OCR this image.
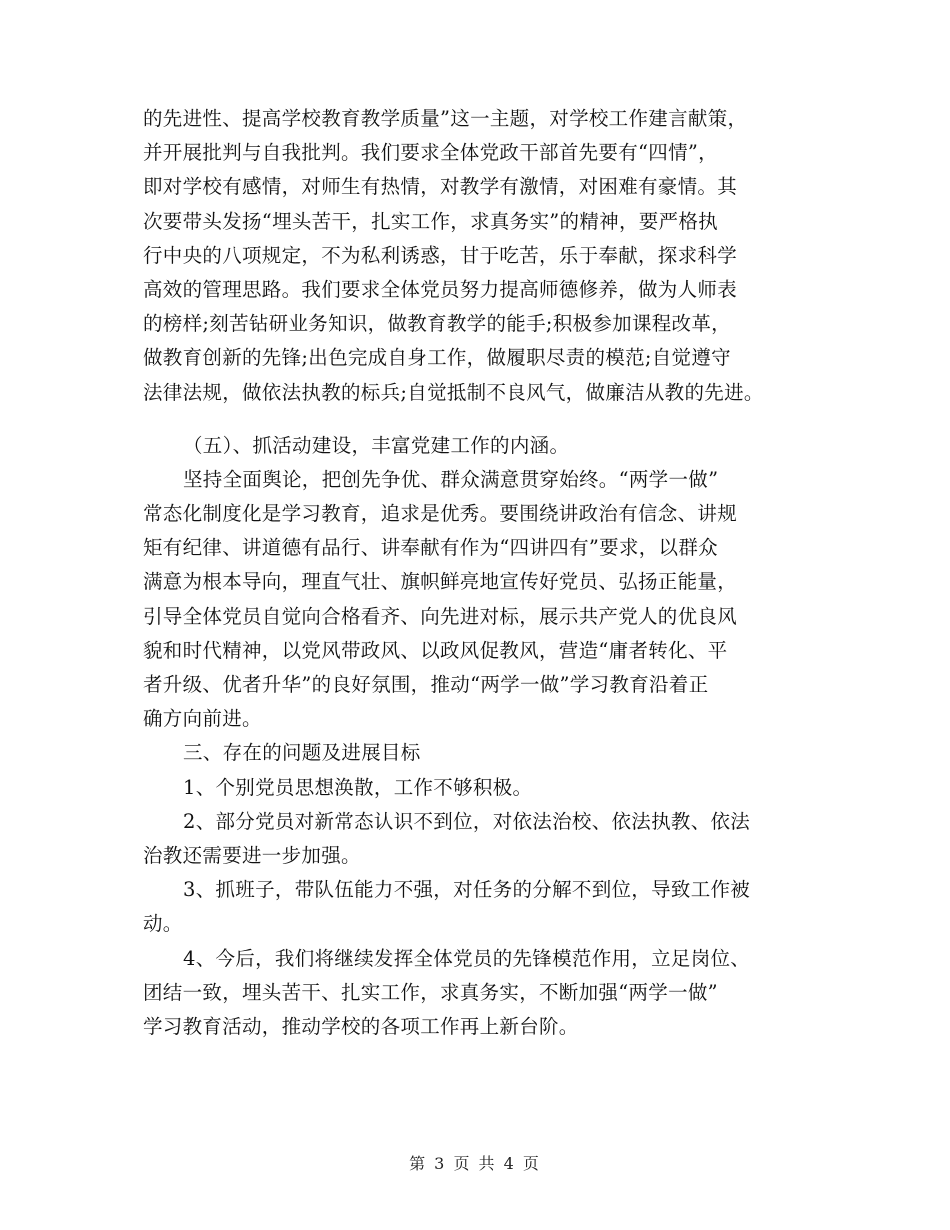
的先进性、提高学校教育教学质量”这一主题，对学校工作建言献策，
并开展批判与自我批判。我们要求全体党政干部首先要有“四情”，
即对学校有感情，对师生有热情，对教学有激情，对困难有豪情。其
次要带头发扬“埋头苦干，扎实工作，求真务实”的精神，要严格执
行中央的八项规定，不为私利诱惑，甘于吃苦，乐于奉献，探求科学
高效的管理思路。我们要求全体党员努力提高师德修养，做为人师表
的榜样;刻苦钻研业务知识，做教育教学的能手;积极参加课程改革，
做教育创新的先锋;出色完成自身工作，做履职尽责的模范;自觉遵守
法律法规，做依法执教的标兵;自觉抵制不良风气，做廉洁从教的先进。
（五）、抓活动建设，丰富党建工作的内涵。
坚持全面舆论，把创先争优、群众满意贯穿始终。“两学一做”
常态化制度化是学习教育，追求是优秀。要围绕讲政治有信念、讲规
矩有纪律、讲道德有品行、讲奉献有作为“四讲四有”要求，以群众
满意为根本导向，理直气壮、旗帜鲜亮地宣传好党员、弘扬正能量，
引导全体党员自觉向合格看齐、向先进对标，展示共产党人的优良风
貌和时代精神，以党风带政风、以政风促教风，营造“庸者转化、平
者升级、优者升华”的良好氛围，推动“两学一做”学习教育沿着正
确方向前进。
三、存在的问题及进展目标
1、个别党员思想涣散，工作不够积极。
2、部分党员对新常态认识不到位，对依法治校、依法执教、依法
治教还需要进一步加强。
3、抓班子，带队伍能力不强，对任务的分解不到位，导致工作被
动。
4、今后，我们将继续发挥全体党员的先锋模范作用，立足岗位、
团结一致，埋头苦干、扎实工作，求真务实，不断加强“两学一做”
学习教育活动，推动学校的各项工作再上新台阶。
第 3 页 共 4 页
